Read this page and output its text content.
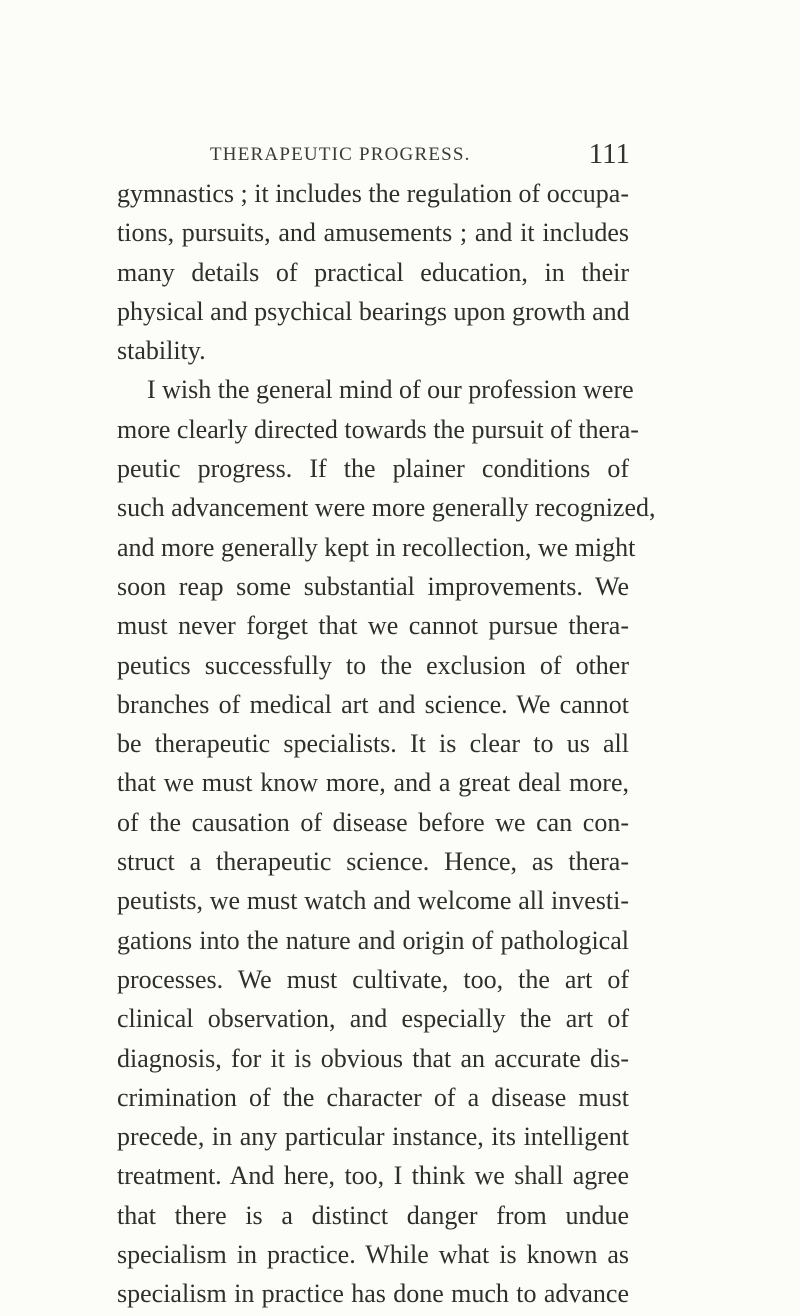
THERAPEUTIC PROGRESS.	111
gymnastics ; it includes the regulation of occupa-
tions, pursuits, and amusements ; and it includes
many details of practical education, in their
physical and psychical bearings upon growth and
stability.
I wish the general mind of our profession were
more clearly directed towards the pursuit of thera-
peutic progress. If the plainer conditions of
such advancement were more generally recognized,
and more generally kept in recollection, we might
soon reap some substantial improvements. We
must never forget that we cannot pursue thera-
peutics successfully to the exclusion of other
branches of medical art and science. We cannot
be therapeutic specialists. It is clear to us all
that we must know more, and a great deal more,
of the causation of disease before we can con-
struct a therapeutic science. Hence, as thera-
peutists, we must watch and welcome all investi-
gations into the nature and origin of pathological
processes. We must cultivate, too, the art of
clinical observation, and especially the art of
diagnosis, for it is obvious that an accurate dis-
crimination of the character of a disease must
precede, in any particular instance, its intelligent
treatment. And here, too, I think we shall agree
that there is a distinct danger from undue
specialism in practice. While what is known as
specialism in practice has done much to advance
